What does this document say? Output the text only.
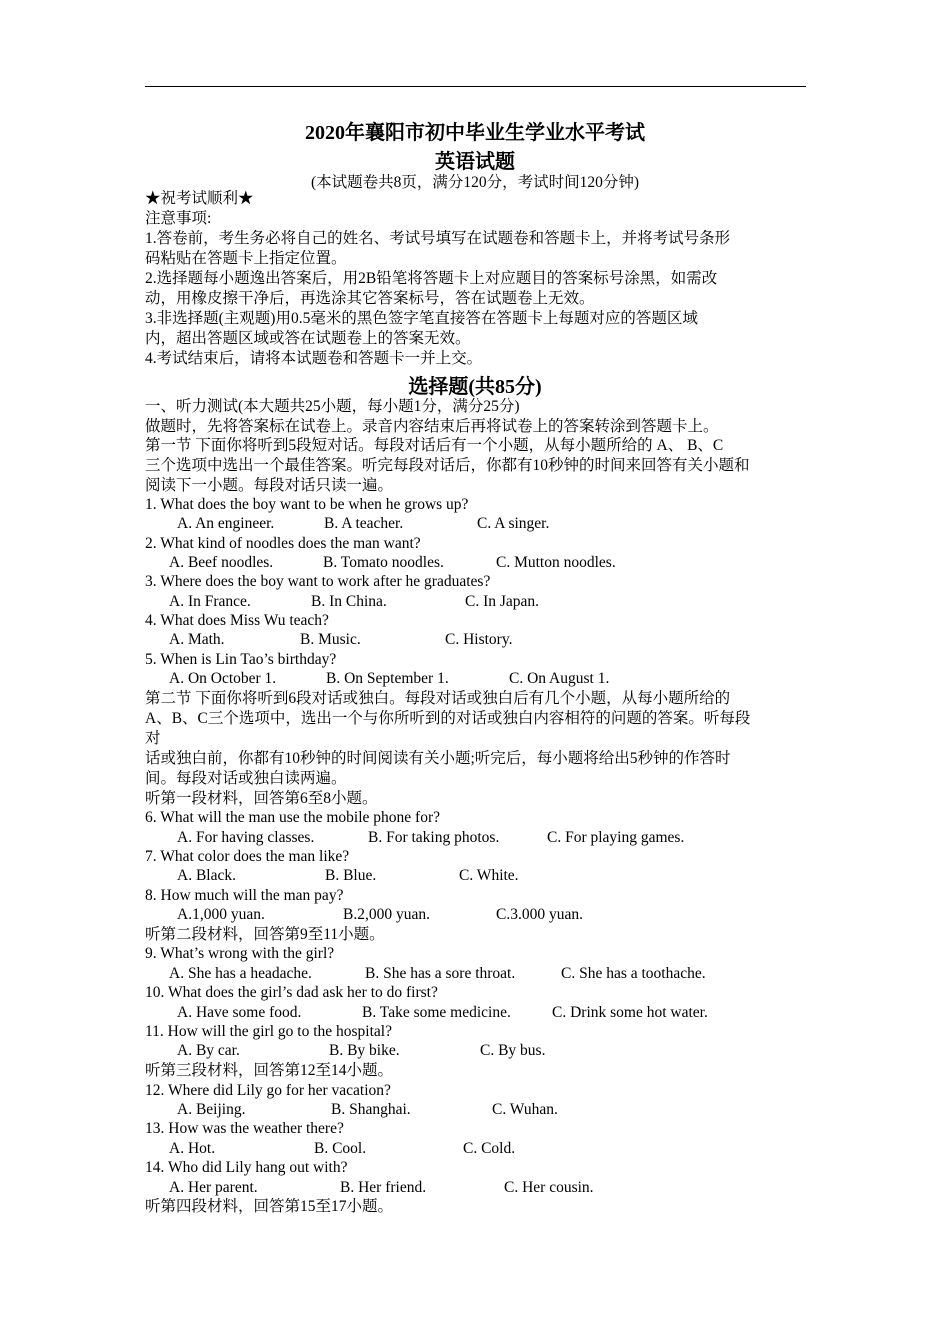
2020年襄阳市初中毕业生学业水平考试
英语试题
(本试题卷共8页，满分120分，考试时间120分钟)
★祝考试顺利★
注意事项:
1.答卷前，考生务必将自己的姓名、考试号填写在试题卷和答题卡上，并将考试号条形
码粘贴在答题卡上指定位置。
2.选择题每小题逸出答案后，用2B铅笔将答题卡上对应题目的答案标号涂黑，如需改
动，用橡皮擦干净后，再选涂其它答案标号，答在试题卷上无效。
3.非选择题(主观题)用0.5毫米的黑色签字笔直接答在答题卡上每题对应的答题区域
内，超出答题区域或答在试题卷上的答案无效。
4.考试结束后，请将本试题卷和答题卡一并上交。
选择题(共85分)
一、听力测试(本大题共25小题，每小题1分，满分25分)
做题时，先将答案标在试卷上。录音内容结束后再将试卷上的答案转涂到答题卡上。
第一节 下面你将听到5段短对话。每段对话后有一个小题，从每小题所给的 A、 B、C
三个选项中选出一个最佳答案。听完每段对话后，你都有10秒钟的时间来回答有关小题和
阅读下一小题。每段对话只读一遍。
1. What does the boy want to be when he grows up?
A. An engineer.	B. A teacher.	C. A singer.
2. What kind of noodles does the man want?
A. Beef noodles.	B. Tomato noodles.	C. Mutton noodles.
3. Where does the boy want to work after he graduates?
A. In France.	B. In China.	C. In Japan.
4. What does Miss Wu teach?
A. Math.	B. Music.	C. History.
5. When is Lin Tao’s birthday?
A. On October 1.	B. On September 1.	C. On August 1.
第二节 下面你将听到6段对话或独白。每段对话或独白后有几个小题，从每小题所给的
A、B、C三个选项中，选出一个与你所听到的对话或独白内容相符的问题的答案。听每段
对
话或独白前，你都有10秒钟的时间阅读有关小题;听完后，每小题将给出5秒钟的作答时
间。每段对话或独白读两遍。
听第一段材料，回答第6至8小题。
6. What will the man use the mobile phone for?
A. For having classes.	B. For taking photos.	C. For playing games.
7. What color does the man like?
A. Black.	B. Blue.	C. White.
8. How much will the man pay?
A.1,000 yuan.	B.2,000 yuan.	C.3.000 yuan.
听第二段材料，回答第9至11小题。
9. What’s wrong with the girl?
A. She has a headache.	B. She has a sore throat.	C. She has a toothache.
10. What does the girl’s dad ask her to do first?
A. Have some food.	B. Take some medicine.	C. Drink some hot water.
11. How will the girl go to the hospital?
A. By car.	B. By bike.	C. By bus.
听第三段材料，回答第12至14小题。
12. Where did Lily go for her vacation?
A. Beijing.	B. Shanghai.	C. Wuhan.
13. How was the weather there?
A. Hot.	B. Cool.	C. Cold.
14. Who did Lily hang out with?
A. Her parent.	B. Her friend.	C. Her cousin.
听第四段材料，回答第15至17小题。
